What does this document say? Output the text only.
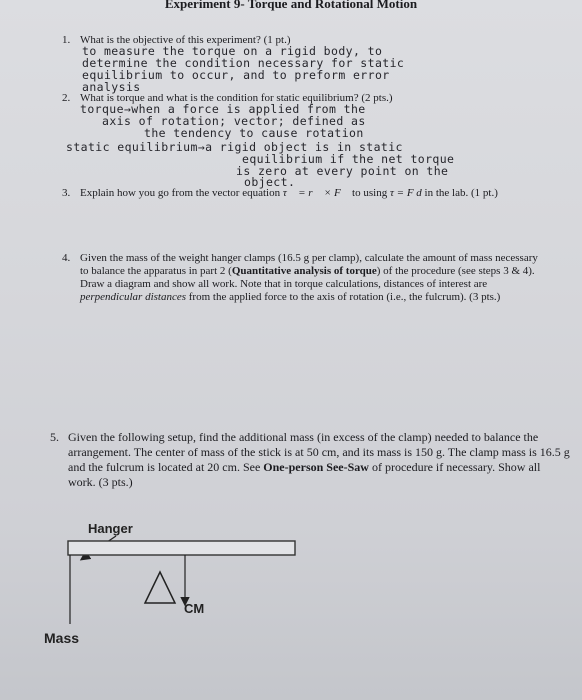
Experiment 9- Torque and Rotational Motion
1. What is the objective of this experiment? (1 pt.)
to measure the torque on a rigid body, to
determine the condition necessary for static
equilibrium to occur, and to preform error
analysis
2. What is torque and what is the condition for static equilibrium? (2 pts.)
torque→when a force is applied from the
axis of rotation; vector; defined as
the tendency to cause rotation
static equilibrium→a rigid object is in static
equilibrium if the net torque
is zero at every point on the
object.
3. Explain how you go from the vector equation τ⃗ = r⃗ × F⃗ to using τ = F d in the lab. (1 pt.)
4. Given the mass of the weight hanger clamps (16.5 g per clamp), calculate the amount of mass necessary to balance the apparatus in part 2 (Quantitative analysis of torque) of the procedure (see steps 3 & 4). Draw a diagram and show all work. Note that in torque calculations, distances of interest are perpendicular distances from the applied force to the axis of rotation (i.e., the fulcrum). (3 pts.)
5. Given the following setup, find the additional mass (in excess of the clamp) needed to balance the arrangement. The center of mass of the stick is at 50 cm, and its mass is 150 g. The clamp mass is 16.5 g and the fulcrum is located at 20 cm. See One-person See-Saw of procedure if necessary. Show all work. (3 pts.)
Hanger
CM
Mass
